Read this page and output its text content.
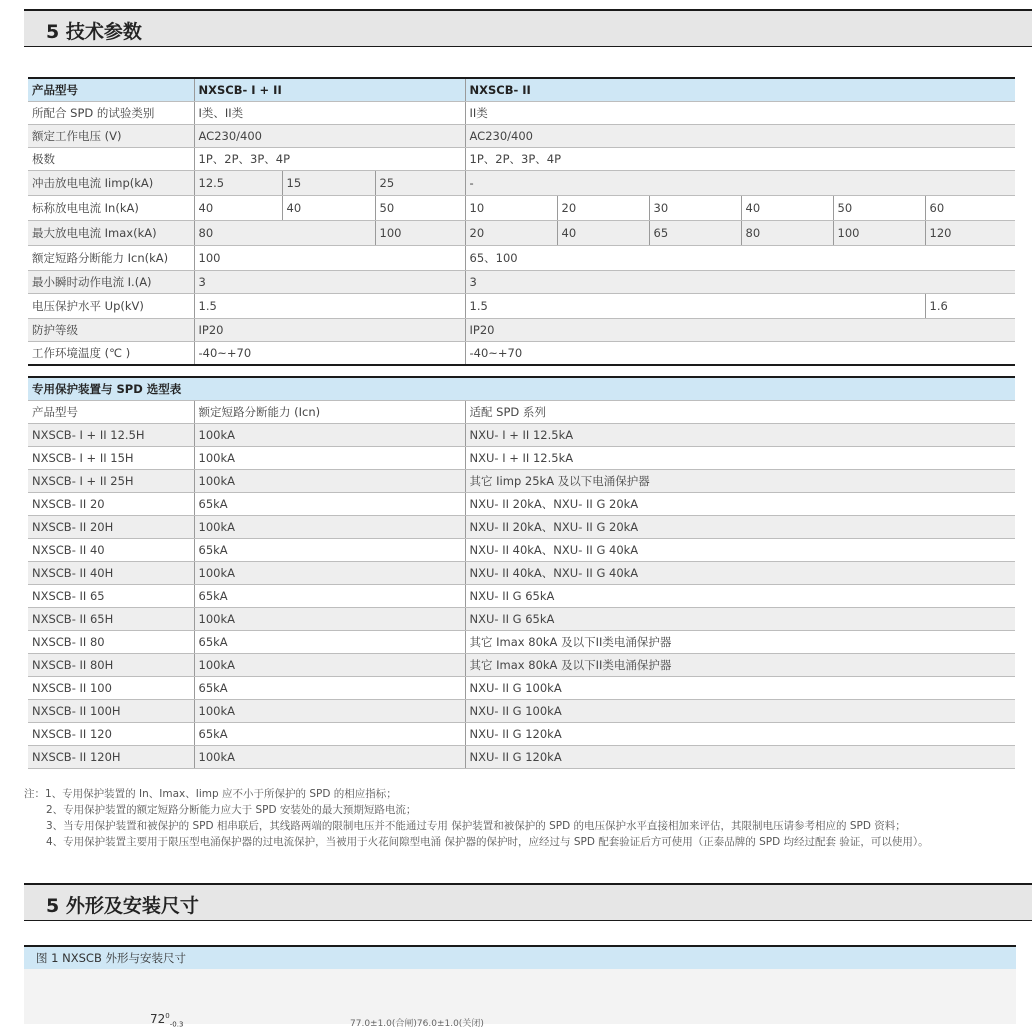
5 技术参数
产品型号	NXSCB- I + II			NXSCB- II					
所配合 SPD 的试验类别	I类、II类			II类					
额定工作电压 (V)	AC230/400			AC230/400					
极数	1P、2P、3P、4P			1P、2P、3P、4P					
冲击放电电流 Iimp(kA)	12.5	15	25	-					
标称放电电流 In(kA)	40	40	50	10	20	30	40	50	60
最大放电电流 Imax(kA)	80		100	20	40	65	80	100	120
额定短路分断能力 Icn(kA)	100			65、100					
最小瞬时动作电流 I.(A)	3			3					
电压保护水平 Up(kV)	1.5			1.5					1.6
防护等级	IP20			IP20					
工作环境温度 (℃ )	-40~+70			-40~+70					
专用保护装置与 SPD 选型表		
产品型号	额定短路分断能力 (Icn)	适配 SPD 系列
NXSCB- I + II 12.5H	100kA	NXU- I + II 12.5kA
NXSCB- I + II 15H	100kA	NXU- I + II 12.5kA
NXSCB- I + II 25H	100kA	其它 Iimp 25kA 及以下电涌保护器
NXSCB- II 20	65kA	NXU- II 20kA、NXU- II G 20kA
NXSCB- II 20H	100kA	NXU- II 20kA、NXU- II G 20kA
NXSCB- II 40	65kA	NXU- II 40kA、NXU- II G 40kA
NXSCB- II 40H	100kA	NXU- II 40kA、NXU- II G 40kA
NXSCB- II 65	65kA	NXU- II G 65kA
NXSCB- II 65H	100kA	NXU- II G 65kA
NXSCB- II 80	65kA	其它 Imax 80kA 及以下II类电涌保护器
NXSCB- II 80H	100kA	其它 Imax 80kA 及以下II类电涌保护器
NXSCB- II 100	65kA	NXU- II G 100kA
NXSCB- II 100H	100kA	NXU- II G 100kA
NXSCB- II 120	65kA	NXU- II G 120kA
NXSCB- II 120H	100kA	NXU- II G 120kA
注：1、专用保护装置的 In、Imax、Iimp 应不小于所保护的 SPD 的相应指标；
2、专用保护装置的额定短路分断能力应大于 SPD 安装处的最大预期短路电流；
3、当专用保护装置和被保护的 SPD 相串联后，其线路两端的限制电压并不能通过专用 保护装置和被保护的 SPD 的电压保护水平直接相加来评估，其限制电压请参考相应的 SPD 资料；
4、专用保护装置主要用于限压型电涌保护器的过电流保护，当被用于火花间隙型电涌 保护器的保护时，应经过与 SPD 配套验证后方可使用（正泰品牌的 SPD 均经过配套 验证，可以使用）。
5 外形及安装尺寸
图 1 NXSCB 外形与安装尺寸
$72^0_{-0.3}$	77.0±1.0(合闸)76.0±1.0(关闭)
